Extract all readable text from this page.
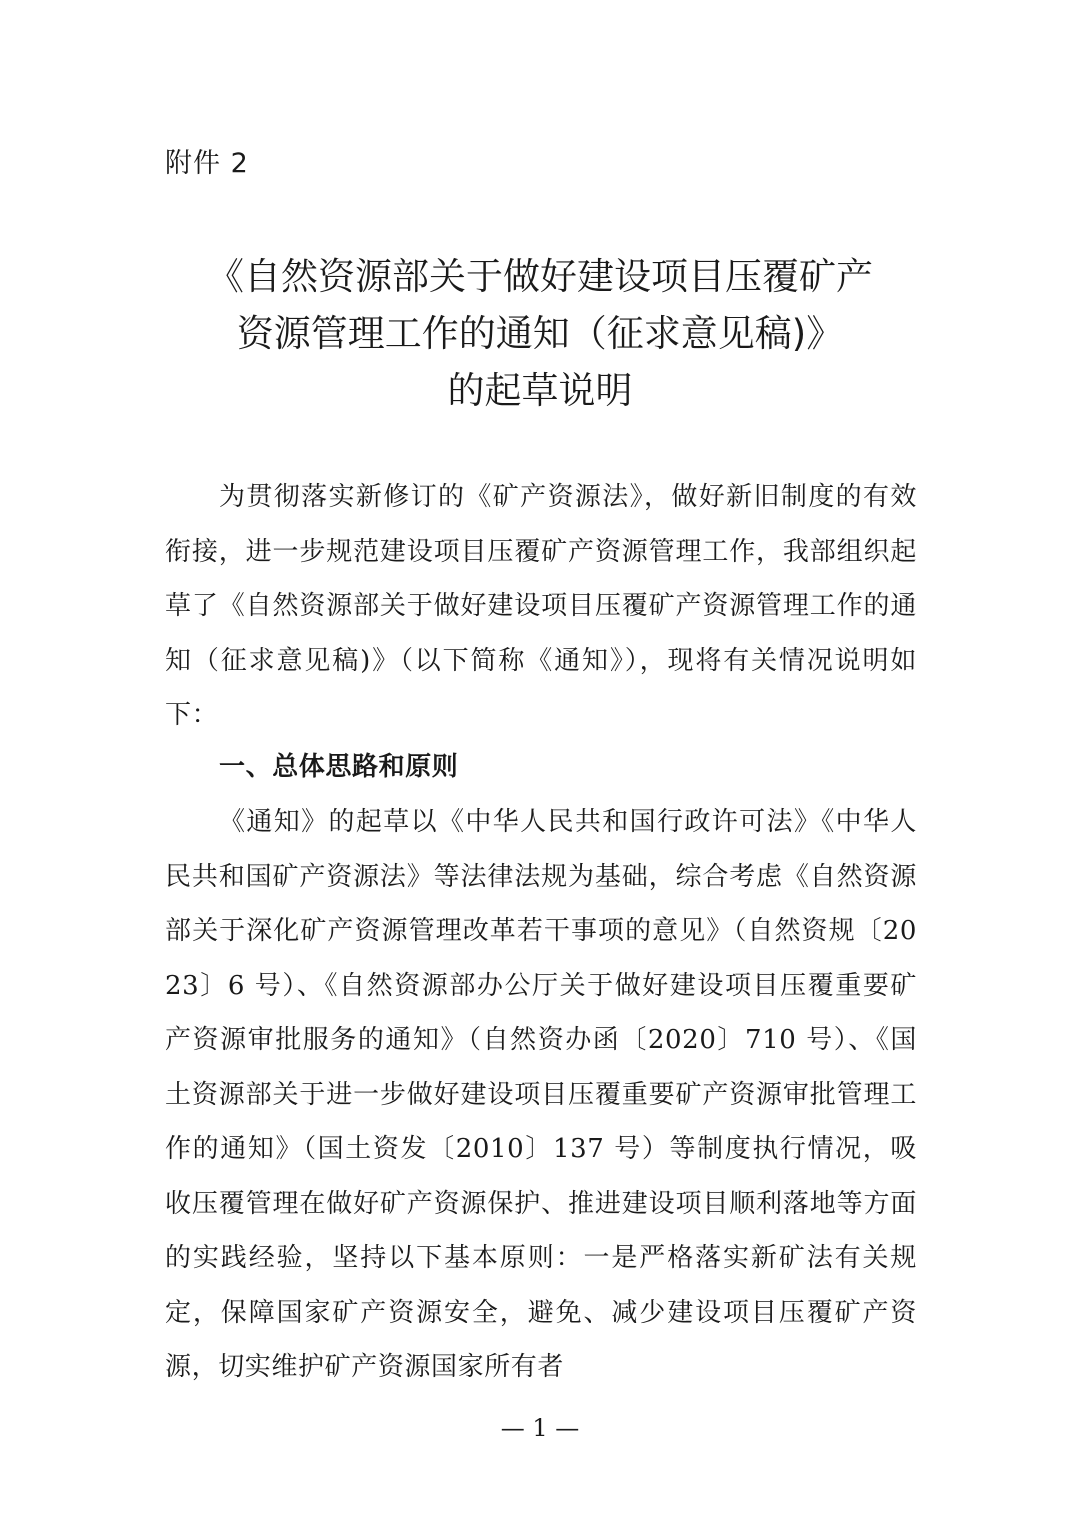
附件 2
《自然资源部关于做好建设项目压覆矿产
资源管理工作的通知（征求意见稿)》
的起草说明

为贯彻落实新修订的《矿产资源法》，做好新旧制度的有效衔接，进一步规范建设项目压覆矿产资源管理工作，我部组织起草了《自然资源部关于做好建设项目压覆矿产资源管理工作的通知（征求意见稿)》（以下简称《通知》），现将有关情况说明如下：

一、总体思路和原则

《通知》的起草以《中华人民共和国行政许可法》《中华人民共和国矿产资源法》等法律法规为基础，综合考虑《自然资源部关于深化矿产资源管理改革若干事项的意见》（自然资规〔2023〕6 号）、《自然资源部办公厅关于做好建设项目压覆重要矿产资源审批服务的通知》（自然资办函〔2020〕710 号）、《国土资源部关于进一步做好建设项目压覆重要矿产资源审批管理工作的通知》（国土资发〔2010〕137 号）等制度执行情况，吸收压覆管理在做好矿产资源保护、推进建设项目顺利落地等方面的实践经验，坚持以下基本原则：一是严格落实新矿法有关规定，保障国家矿产资源安全，避免、减少建设项目压覆矿产资源，切实维护矿产资源国家所有者

— 1 —
